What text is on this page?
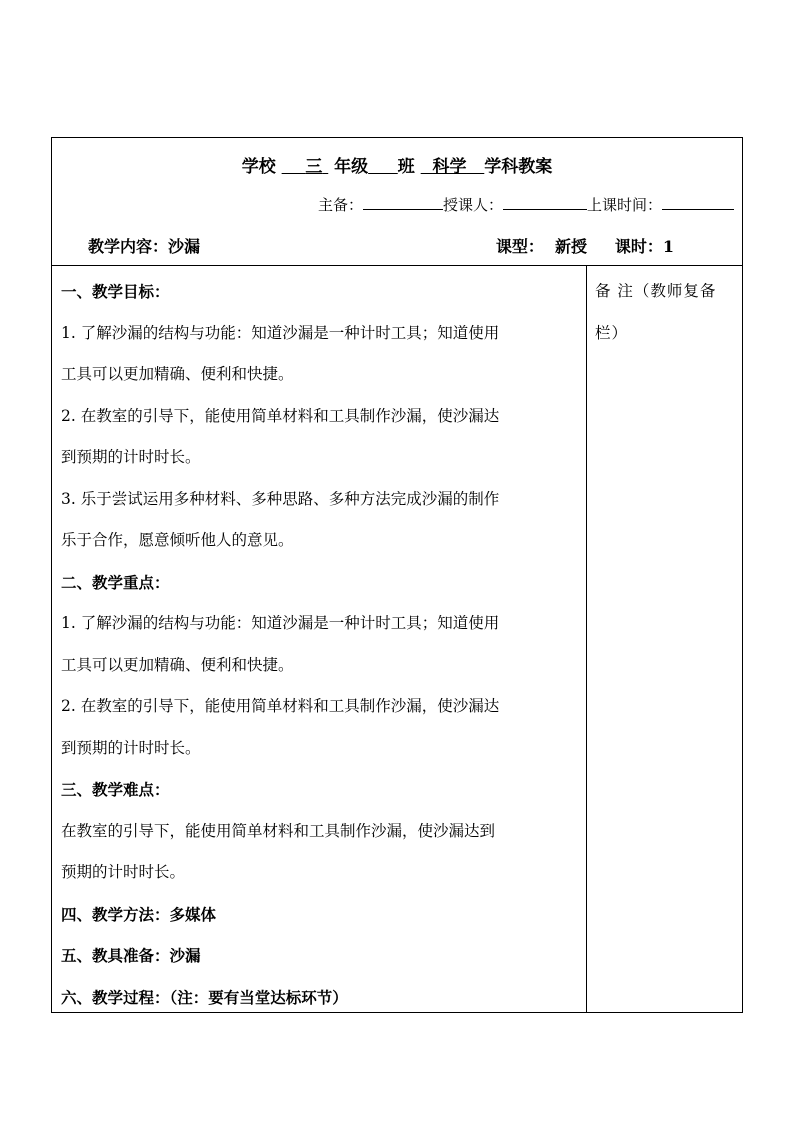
学校 三 年级 班 科学 学科教案
主备：	授课人：	上课时间：
教学内容：沙漏	课型： 新授 课时：1
一、教学目标：
1. 了解沙漏的结构与功能：知道沙漏是一种计时工具；知道使用
工具可以更加精确、便利和快捷。
2. 在教室的引导下，能使用简单材料和工具制作沙漏，使沙漏达
到预期的计时时长。
3. 乐于尝试运用多种材料、多种思路、多种方法完成沙漏的制作
乐于合作，愿意倾听他人的意见。
二、教学重点：
1. 了解沙漏的结构与功能：知道沙漏是一种计时工具；知道使用
工具可以更加精确、便利和快捷。
2. 在教室的引导下，能使用简单材料和工具制作沙漏，使沙漏达
到预期的计时时长。
三、教学难点：
在教室的引导下，能使用简单材料和工具制作沙漏，使沙漏达到
预期的计时时长。
四、教学方法：多媒体
五、教具准备：沙漏
六、教学过程：（注：要有当堂达标环节）
备 注（教师复备栏）
